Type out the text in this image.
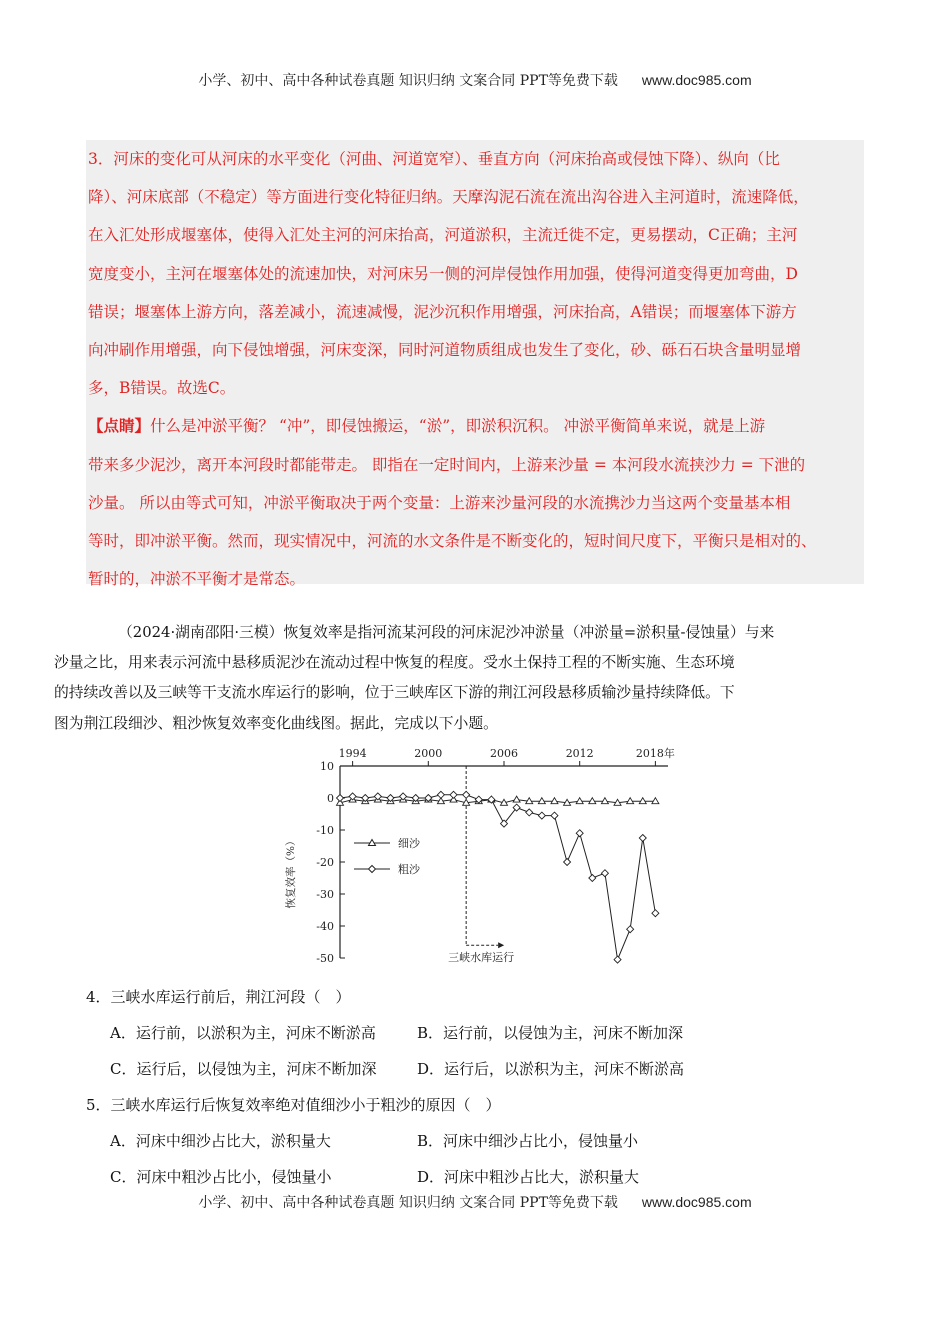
小学、初中、高中各种试卷真题 知识归纳 文案合同 PPT等免费下载 www.doc985.com

3．河床的变化可从河床的水平变化（河曲、河道宽窄）、垂直方向（河床抬高或侵蚀下降）、纵向（比

降）、河床底部（不稳定）等方面进行变化特征归纳。天摩沟泥石流在流出沟谷进入主河道时，流速降低，

在入汇处形成堰塞体，使得入汇处主河的河床抬高，河道淤积，主流迁徙不定，更易摆动，C正确；主河

宽度变小，主河在堰塞体处的流速加快，对河床另一侧的河岸侵蚀作用加强，使得河道变得更加弯曲，D

错误；堰塞体上游方向，落差减小，流速减慢，泥沙沉积作用增强，河床抬高，A错误；而堰塞体下游方

向冲刷作用增强，向下侵蚀增强，河床变深，同时河道物质组成也发生了变化，砂、砾石石块含量明显增

多，B错误。故选C。

【点睛】什么是冲淤平衡？ “冲”，即侵蚀搬运，“淤”，即淤积沉积。 冲淤平衡简单来说，就是上游

带来多少泥沙，离开本河段时都能带走。 即指在一定时间内，上游来沙量 = 本河段水流挟沙力 = 下泄的

沙量。 所以由等式可知，冲淤平衡取决于两个变量：上游来沙量河段的水流携沙力当这两个变量基本相

等时，即冲淤平衡。然而，现实情况中，河流的水文条件是不断变化的，短时间尺度下，平衡只是相对的、

暂时的，冲淤不平衡才是常态。

（2024·湖南邵阳·三模）恢复效率是指河流某河段的河床泥沙冲淤量（冲淤量=淤积量-侵蚀量）与来
沙量之比，用来表示河流中悬移质泥沙在流动过程中恢复的程度。受水土保持工程的不断实施、生态环境
的持续改善以及三峡等干支流水库运行的影响，位于三峡库区下游的荆江河段悬移质输沙量持续降低。下
图为荆江段细沙、粗沙恢复效率变化曲线图。据此，完成以下小题。
1994	2000	2006	2012	2018年
10
0
-10
-20
-30
-40
-50
恢复效率（%）
三峡水库运行
细沙
粗沙
4．三峡水库运行前后，荆江河段（　）
A．运行前，以淤积为主，河床不断淤高	B．运行前，以侵蚀为主，河床不断加深
C．运行后，以侵蚀为主，河床不断加深	D．运行后，以淤积为主，河床不断淤高
5．三峡水库运行后恢复效率绝对值细沙小于粗沙的原因（　）
A．河床中细沙占比大，淤积量大	B．河床中细沙占比小，侵蚀量小
C．河床中粗沙占比小，侵蚀量小	D．河床中粗沙占比大，淤积量大
小学、初中、高中各种试卷真题 知识归纳 文案合同 PPT等免费下载 www.doc985.com
